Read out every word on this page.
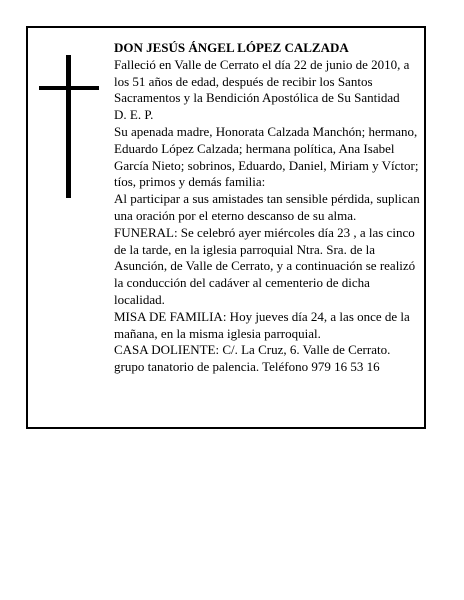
DON JESÚS ÁNGEL LÓPEZ CALZADA

Falleció en Valle de Cerrato el día 22 de junio de 2010, a los 51 años de edad, después de recibir los Santos Sacramentos y la Bendición Apostólica de Su Santidad

D. E. P.

Su apenada madre, Honorata Calzada Manchón; hermano, Eduardo López Calzada; hermana política, Ana Isabel García Nieto; sobrinos, Eduardo, Daniel, Miriam y Víctor; tíos, primos y demás familia:

Al participar a sus amistades tan sensible pérdida, suplican una oración por el eterno descanso de su alma.

FUNERAL: Se celebró ayer miércoles día 23 , a las cinco de la tarde, en la iglesia parroquial Ntra. Sra. de la Asunción, de Valle de Cerrato, y a continuación se realizó la conducción del cadáver al cementerio de dicha localidad.

MISA DE FAMILIA: Hoy jueves día 24, a las once de la mañana, en la misma iglesia parroquial.

CASA DOLIENTE: C/. La Cruz, 6. Valle de Cerrato.

grupo tanatorio de palencia. Teléfono 979 16 53 16
